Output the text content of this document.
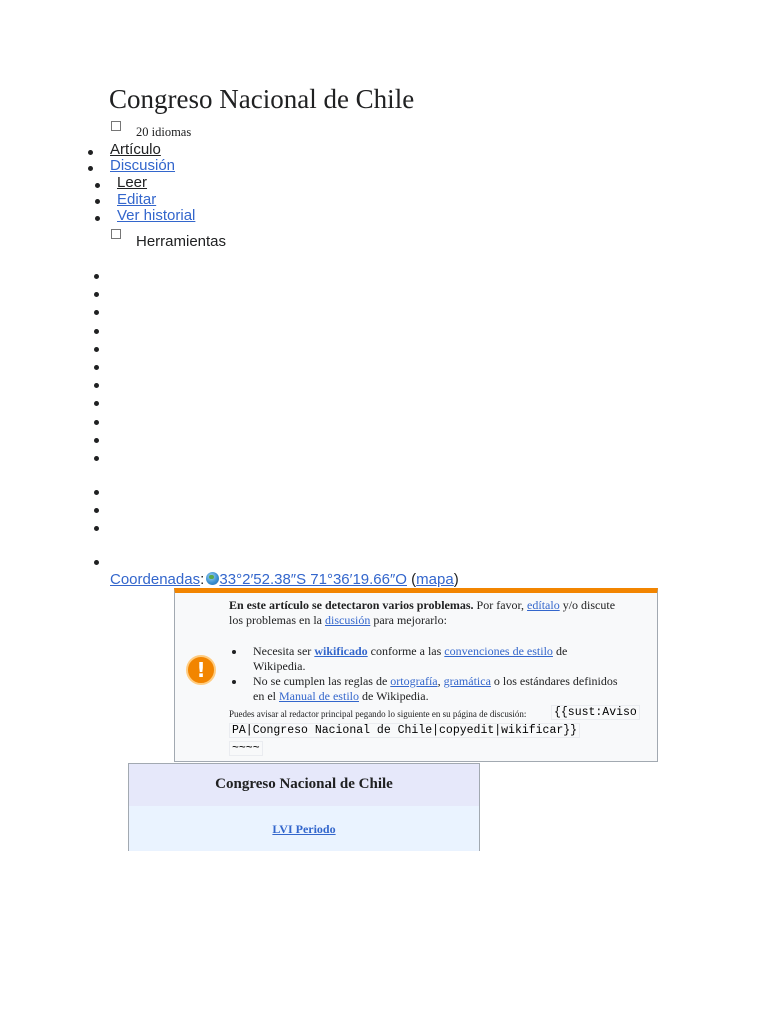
Congreso Nacional de Chile
20 idiomas
Artículo
Discusión
Leer
Editar
Ver historial
Herramientas
Coordenadas: 33°2′52.38″S 71°36′19.66″O (mapa)
!
En este artículo se detectaron varios problemas. Por favor, edítalo y/o discute
los problemas en la discusión para mejorarlo:
Necesita ser wikificado conforme a las convenciones de estilo de
Wikipedia.
No se cumplen las reglas de ortografía, gramática o los estándares definidos
en el Manual de estilo de Wikipedia.
Puedes avisar al redactor principal pegando lo siguiente en su página de discusión: {{sust:Aviso
PA|Congreso Nacional de Chile|copyedit|wikificar}}
~~~~
Congreso Nacional de Chile
LVI Periodo
